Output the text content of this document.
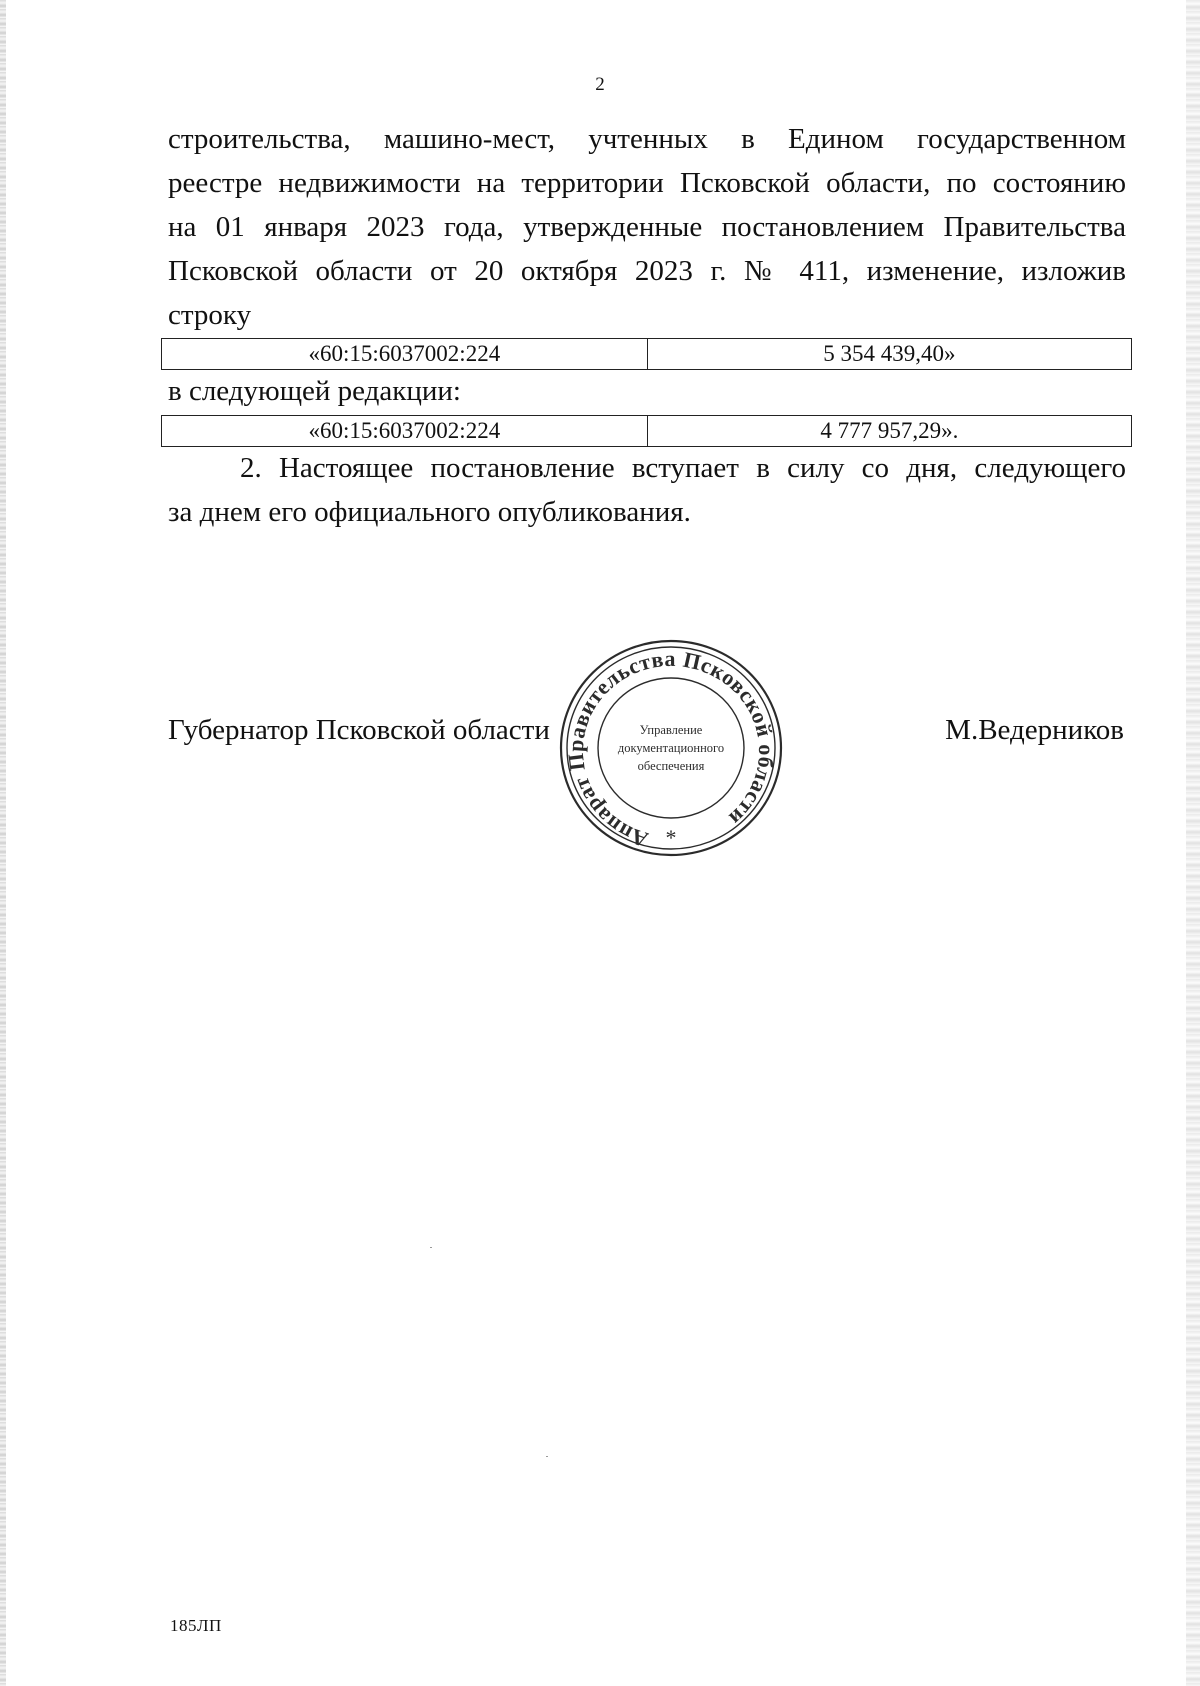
2
строительства, машино-мест, учтенных в Едином государственном
реестре недвижимости на территории Псковской области, по состоянию
на 01 января 2023 года, утвержденные постановлением Правительства
Псковской области от 20 октября 2023 г. № 411, изменение, изложив
строку
«60:15:6037002:224	5 354 439,40»
в следующей редакции:
«60:15:6037002:224	4 777 957,29».
2. Настоящее постановление вступает в силу со дня, следующего
за днем его официального опубликования.
Губернатор Псковской области	М.Ведерников
Аппарат Правительства Псковской области
Управление
документационного
обеспечения
*
185ЛП
